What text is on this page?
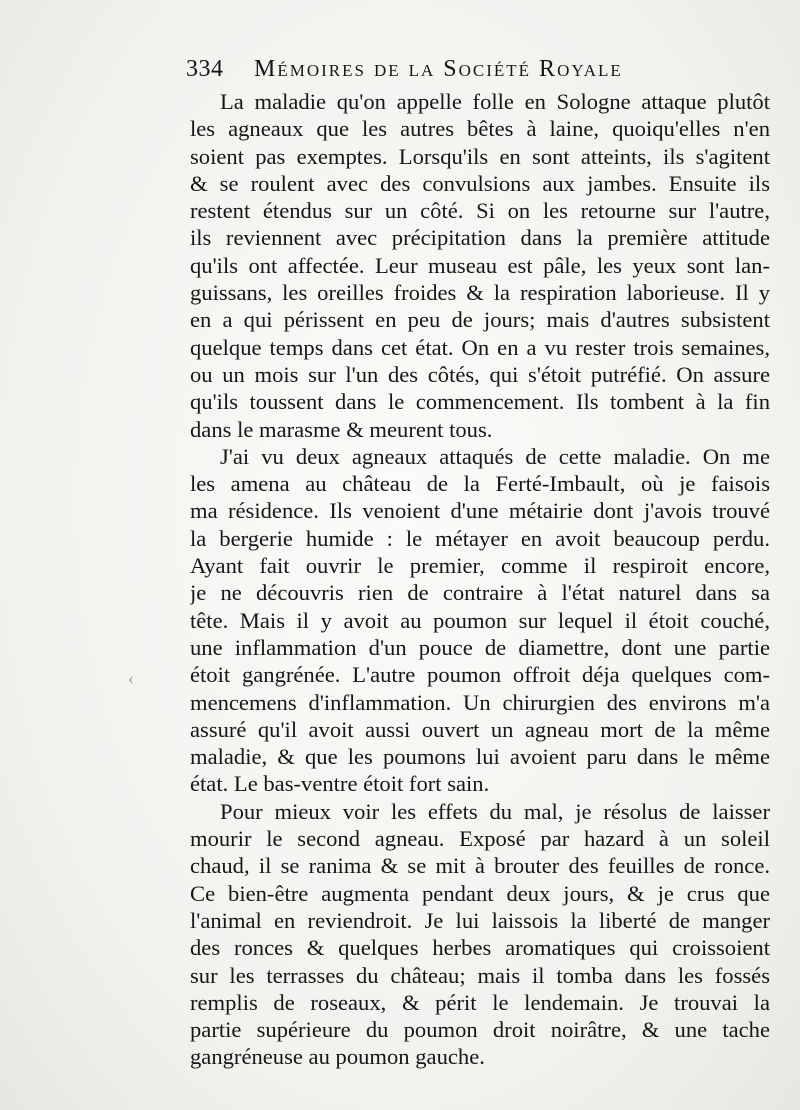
334 Mémoires de la Société Royale

La maladie qu'on appelle folle en Sologne attaque plutôt
les agneaux que les autres bêtes à laine, quoiqu'elles n'en
soient pas exemptes. Lorsqu'ils en sont atteints, ils s'agitent
& se roulent avec des convulsions aux jambes. Ensuite ils
restent étendus sur un côté. Si on les retourne sur l'autre,
ils reviennent avec précipitation dans la première attitude
qu'ils ont affectée. Leur museau est pâle, les yeux sont lan-
guissans, les oreilles froides & la respiration laborieuse. Il y
en a qui périssent en peu de jours; mais d'autres subsistent
quelque temps dans cet état. On en a vu rester trois semaines,
ou un mois sur l'un des côtés, qui s'étoit putréfié. On assure
qu'ils toussent dans le commencement. Ils tombent à la fin
dans le marasme & meurent tous.

J'ai vu deux agneaux attaqués de cette maladie. On me
les amena au château de la Ferté-Imbault, où je faisois
ma résidence. Ils venoient d'une métairie dont j'avois trouvé
la bergerie humide : le métayer en avoit beaucoup perdu.
Ayant fait ouvrir le premier, comme il respiroit encore,
je ne découvris rien de contraire à l'état naturel dans sa
tête. Mais il y avoit au poumon sur lequel il étoit couché,
une inflammation d'un pouce de diamettre, dont une partie
étoit gangrénée. L'autre poumon offroit déja quelques com-
mencemens d'inflammation. Un chirurgien des environs m'a
assuré qu'il avoit aussi ouvert un agneau mort de la même
maladie, & que les poumons lui avoient paru dans le même
état. Le bas-ventre étoit fort sain.

Pour mieux voir les effets du mal, je résolus de laisser
mourir le second agneau. Exposé par hazard à un soleil
chaud, il se ranima & se mit à brouter des feuilles de ronce.
Ce bien-être augmenta pendant deux jours, & je crus que
l'animal en reviendroit. Je lui laissois la liberté de manger
des ronces & quelques herbes aromatiques qui croissoient
sur les terrasses du château; mais il tomba dans les fossés
remplis de roseaux, & périt le lendemain. Je trouvai la
partie supérieure du poumon droit noirâtre, & une tache
gangréneuse au poumon gauche.

‹
